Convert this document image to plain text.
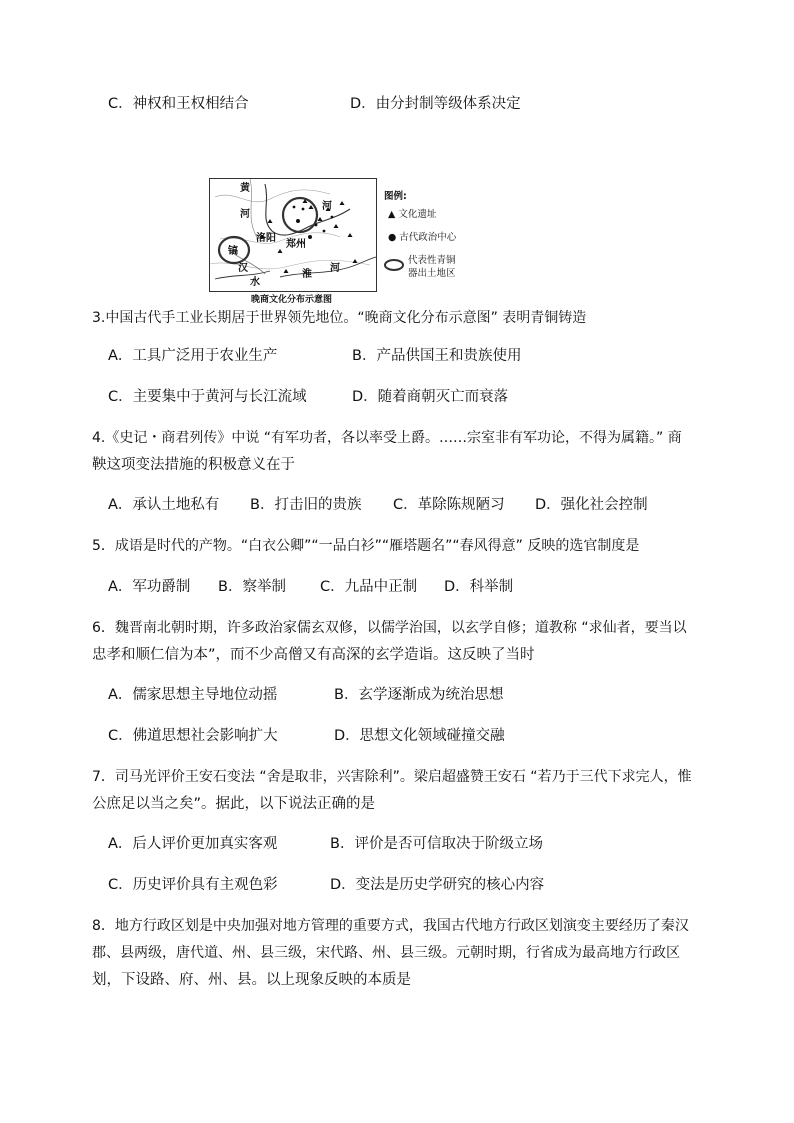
C．神权和王权相结合	D．由分封制等级体系决定
黄
河
河
洛阳
郑州
镐
汉
水
淮
河
图例:
▲ 文化遗址
● 古代政治中心
代表性青铜
器出土地区
晚商文化分布示意图
3.中国古代手工业长期居于世界领先地位。“晚商文化分布示意图” 表明青铜铸造
A．工具广泛用于农业生产	B．产品供国王和贵族使用
C．主要集中于黄河与长江流域	D．随着商朝灭亡而衰落
4.《史记・商君列传》中说 “有军功者，各以率受上爵。……宗室非有军功论，不得为属籍。” 商
鞅这项变法措施的积极意义在于
A．承认土地私有 B．打击旧的贵族 C．革除陈规陋习 D．强化社会控制
5．成语是时代的产物。“白衣公卿”“一品白衫”“雁塔题名”“春风得意” 反映的选官制度是
A．军功爵制 B．察举制 C．九品中正制 D．科举制
6．魏晋南北朝时期，许多政治家儒玄双修，以儒学治国，以玄学自修；道教称 “求仙者，要当以
忠孝和顺仁信为本”，而不少高僧又有高深的玄学造诣。这反映了当时
A．儒家思想主导地位动摇	B．玄学逐渐成为统治思想
C．佛道思想社会影响扩大	D．思想文化领域碰撞交融
7．司马光评价王安石变法 “舍是取非，兴害除利”。梁启超盛赞王安石 “若乃于三代下求完人，惟
公庶足以当之矣”。据此，以下说法正确的是
A．后人评价更加真实客观	B．评价是否可信取决于阶级立场
C．历史评价具有主观色彩	D．变法是历史学研究的核心内容
8．地方行政区划是中央加强对地方管理的重要方式，我国古代地方行政区划演变主要经历了秦汉
郡、县两级，唐代道、州、县三级，宋代路、州、县三级。元朝时期，行省成为最高地方行政区
划，下设路、府、州、县。以上现象反映的本质是
